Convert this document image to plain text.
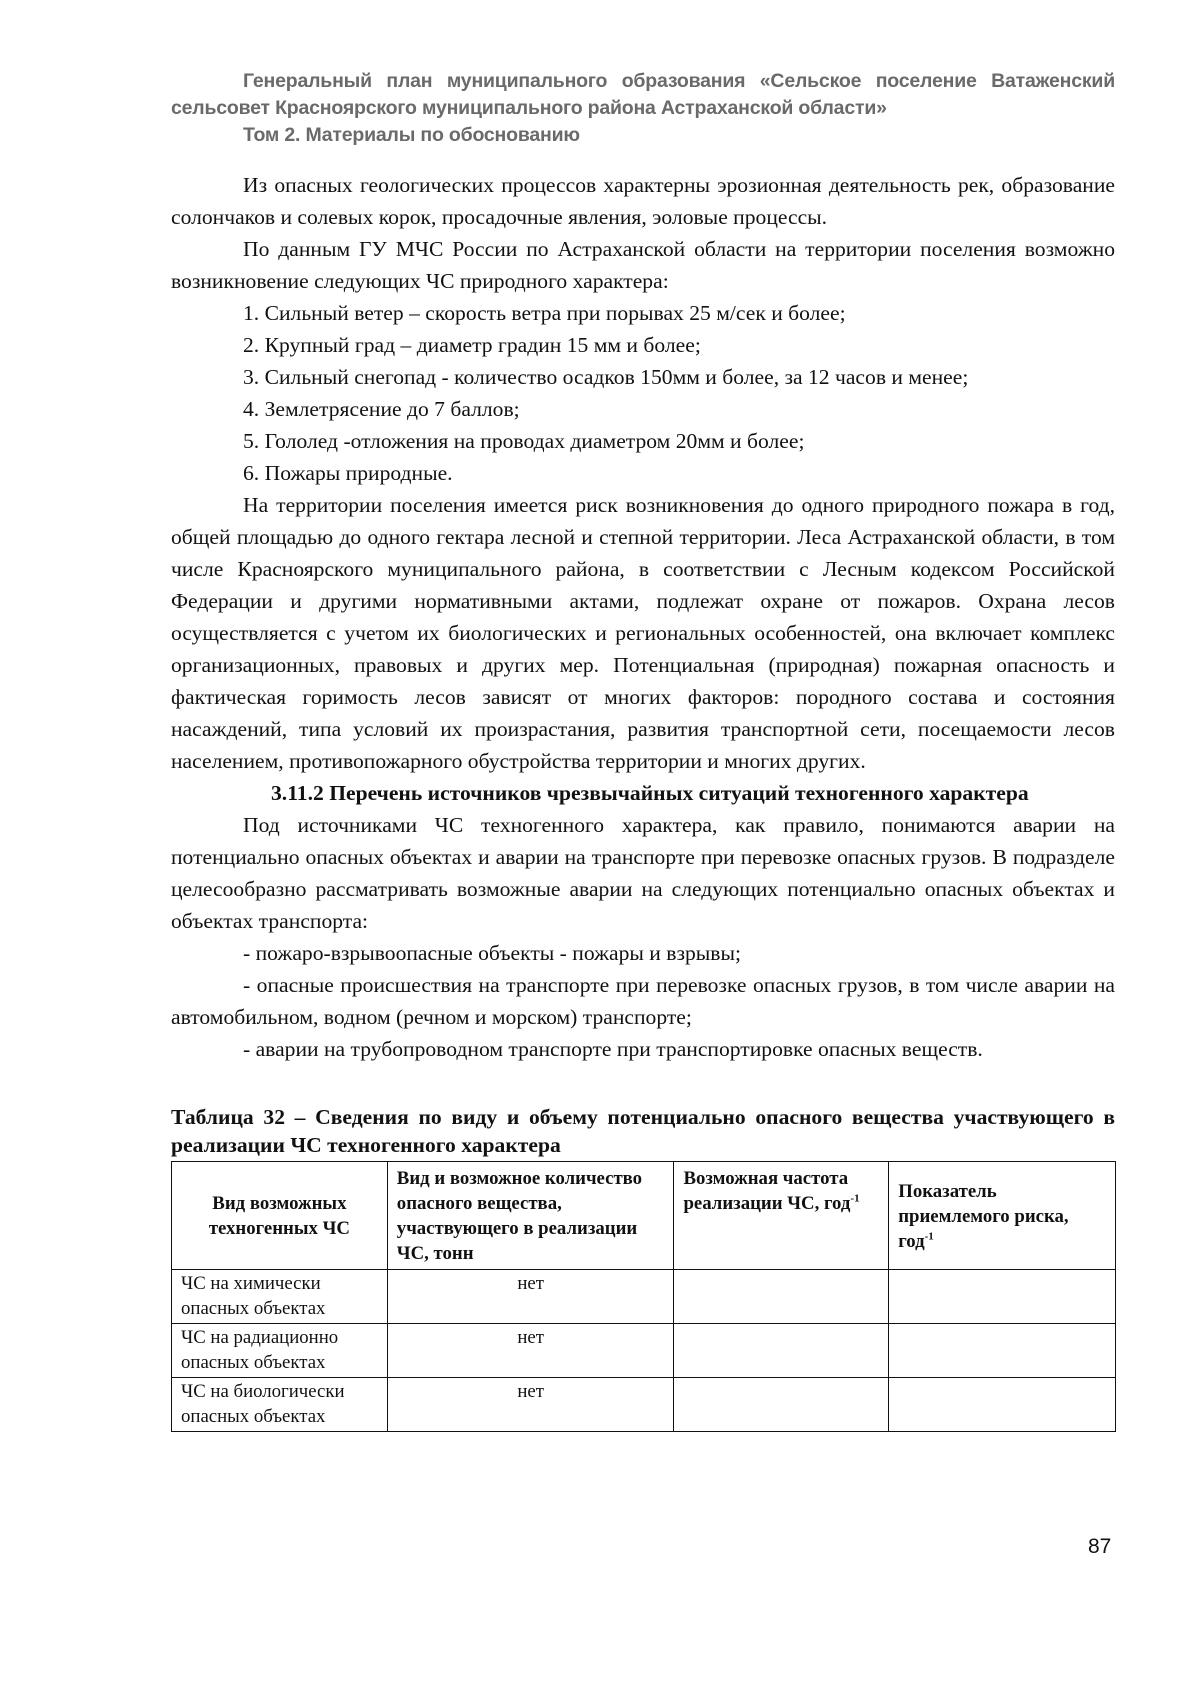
Генеральный план муниципального образования «Сельское поселение Ватаженский сельсовет Красноярского муниципального района Астраханской области»
Том 2. Материалы по обоснованию

Из опасных геологических процессов характерны эрозионная деятельность рек, образование солончаков и солевых корок, просадочные явления, эоловые процессы.

По данным ГУ МЧС России по Астраханской области на территории поселения возможно возникновение следующих ЧС природного характера:

1. Сильный ветер – скорость ветра при порывах 25 м/сек и более;

2. Крупный град – диаметр градин 15 мм и более;

3. Сильный снегопад - количество осадков 150мм и более, за 12 часов и менее;

4. Землетрясение до 7 баллов;

5. Гололед -отложения на проводах диаметром 20мм и более;

6. Пожары природные.

На территории поселения имеется риск возникновения до одного природного пожара в год, общей площадью до одного гектара лесной и степной территории. Леса Астраханской области, в том числе Красноярского муниципального района, в соответствии с Лесным кодексом Российской Федерации и другими нормативными актами, подлежат охране от пожаров. Охрана лесов осуществляется с учетом их биологических и региональных особенностей, она включает комплекс организационных, правовых и других мер. Потенциальная (природная) пожарная опасность и фактическая горимость лесов зависят от многих факторов: породного состава и состояния насаждений, типа условий их произрастания, развития транспортной сети, посещаемости лесов населением, противопожарного обустройства территории и многих других.

3.11.2 Перечень источников чрезвычайных ситуаций техногенного характера

Под источниками ЧС техногенного характера, как правило, понимаются аварии на потенциально опасных объектах и аварии на транспорте при перевозке опасных грузов. В подразделе целесообразно рассматривать возможные аварии на следующих потенциально опасных объектах и объектах транспорта:

- пожаро-взрывоопасные объекты - пожары и взрывы;

- опасные происшествия на транспорте при перевозке опасных грузов, в том числе аварии на автомобильном, водном (речном и морском) транспорте;

- аварии на трубопроводном транспорте при транспортировке опасных веществ.

Таблица 32 – Сведения по виду и объему потенциально опасного вещества участвующего в реализации ЧС техногенного характера
Вид возможных техногенных ЧС	Вид и возможное количество опасного вещества, участвующего в реализации ЧС, тонн	Возможная частота реализации ЧС, год$^{-1}$	Показатель приемлемого риска, год$^{-1}$
ЧС на химически опасных объектах	нет		
ЧС на радиационно опасных объектах	нет		
ЧС на биологически опасных объектах	нет		
87
